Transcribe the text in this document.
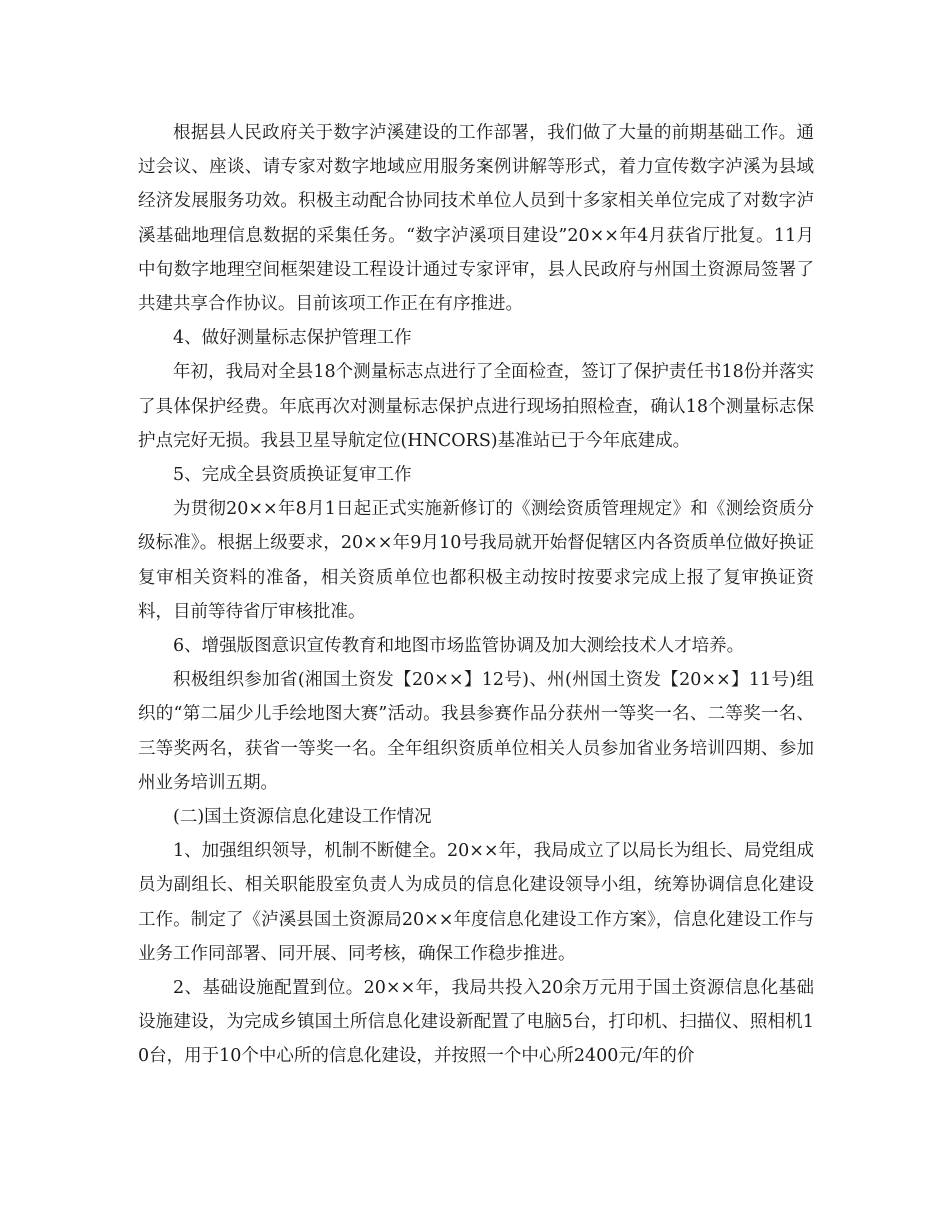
根据县人民政府关于数字泸溪建设的工作部署，我们做了大量的前期基础工作。通过会议、座谈、请专家对数字地域应用服务案例讲解等形式，着力宣传数字泸溪为县域经济发展服务功效。积极主动配合协同技术单位人员到十多家相关单位完成了对数字泸溪基础地理信息数据的采集任务。“数字泸溪项目建设”20××年4月获省厅批复。11月中旬数字地理空间框架建设工程设计通过专家评审，县人民政府与州国土资源局签署了共建共享合作协议。目前该项工作正在有序推进。

4、做好测量标志保护管理工作

年初，我局对全县18个测量标志点进行了全面检查，签订了保护责任书18份并落实了具体保护经费。年底再次对测量标志保护点进行现场拍照检查，确认18个测量标志保护点完好无损。我县卫星导航定位(HNCORS)基准站已于今年底建成。

5、完成全县资质换证复审工作

为贯彻20××年8月1日起正式实施新修订的《测绘资质管理规定》和《测绘资质分级标准》。根据上级要求，20××年9月10号我局就开始督促辖区内各资质单位做好换证复审相关资料的准备，相关资质单位也都积极主动按时按要求完成上报了复审换证资料，目前等待省厅审核批准。

6、增强版图意识宣传教育和地图市场监管协调及加大测绘技术人才培养。

积极组织参加省(湘国土资发【20××】12号)、州(州国土资发【20××】11号)组织的“第二届少儿手绘地图大赛”活动。我县参赛作品分获州一等奖一名、二等奖一名、三等奖两名，获省一等奖一名。全年组织资质单位相关人员参加省业务培训四期、参加州业务培训五期。

(二)国土资源信息化建设工作情况

1、加强组织领导，机制不断健全。20××年，我局成立了以局长为组长、局党组成员为副组长、相关职能股室负责人为成员的信息化建设领导小组，统筹协调信息化建设工作。制定了《泸溪县国土资源局20××年度信息化建设工作方案》，信息化建设工作与业务工作同部署、同开展、同考核，确保工作稳步推进。

2、基础设施配置到位。20××年，我局共投入20余万元用于国土资源信息化基础设施建设，为完成乡镇国土所信息化建设新配置了电脑5台，打印机、扫描仪、照相机10台，用于10个中心所的信息化建设，并按照一个中心所2400元/年的价
